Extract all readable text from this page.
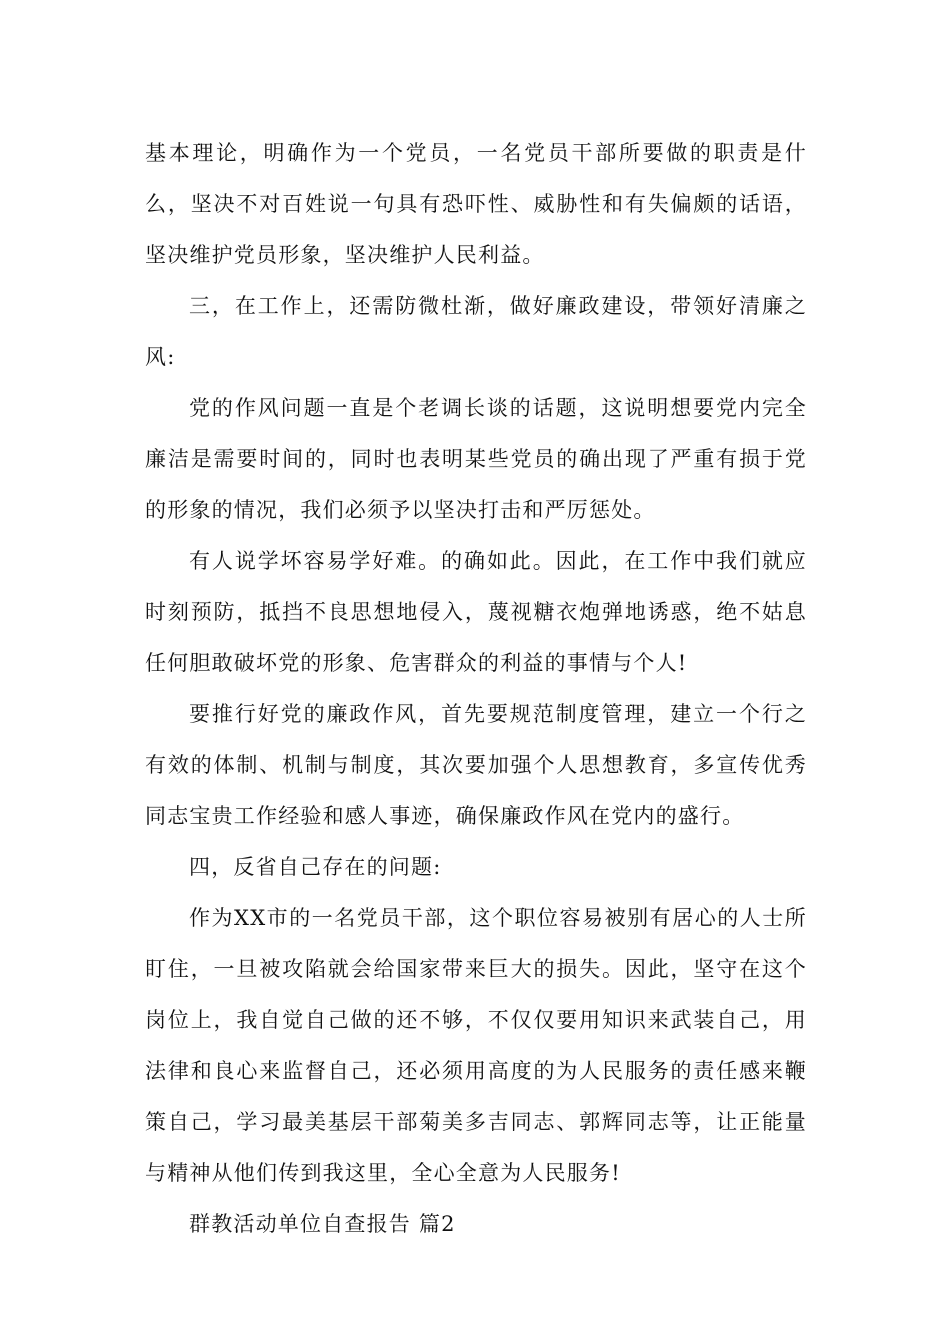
基本理论，明确作为一个党员，一名党员干部所要做的职责是什么，坚决不对百姓说一句具有恐吓性、威胁性和有失偏颇的话语，坚决维护党员形象，坚决维护人民利益。

三，在工作上，还需防微杜渐，做好廉政建设，带领好清廉之风:

党的作风问题一直是个老调长谈的话题，这说明想要党内完全廉洁是需要时间的，同时也表明某些党员的确出现了严重有损于党的形象的情况，我们必须予以坚决打击和严厉惩处。

有人说学坏容易学好难。的确如此。因此，在工作中我们就应时刻预防，抵挡不良思想地侵入，蔑视糖衣炮弹地诱惑，绝不姑息任何胆敢破坏党的形象、危害群众的利益的事情与个人!

要推行好党的廉政作风，首先要规范制度管理，建立一个行之有效的体制、机制与制度，其次要加强个人思想教育，多宣传优秀同志宝贵工作经验和感人事迹，确保廉政作风在党内的盛行。

四，反省自己存在的问题:

作为XX市的一名党员干部，这个职位容易被别有居心的人士所盯住，一旦被攻陷就会给国家带来巨大的损失。因此，坚守在这个岗位上，我自觉自己做的还不够，不仅仅要用知识来武装自己，用法律和良心来监督自己，还必须用高度的为人民服务的责任感来鞭策自己，学习最美基层干部菊美多吉同志、郭辉同志等，让正能量与精神从他们传到我这里，全心全意为人民服务!

群教活动单位自查报告 篇2
